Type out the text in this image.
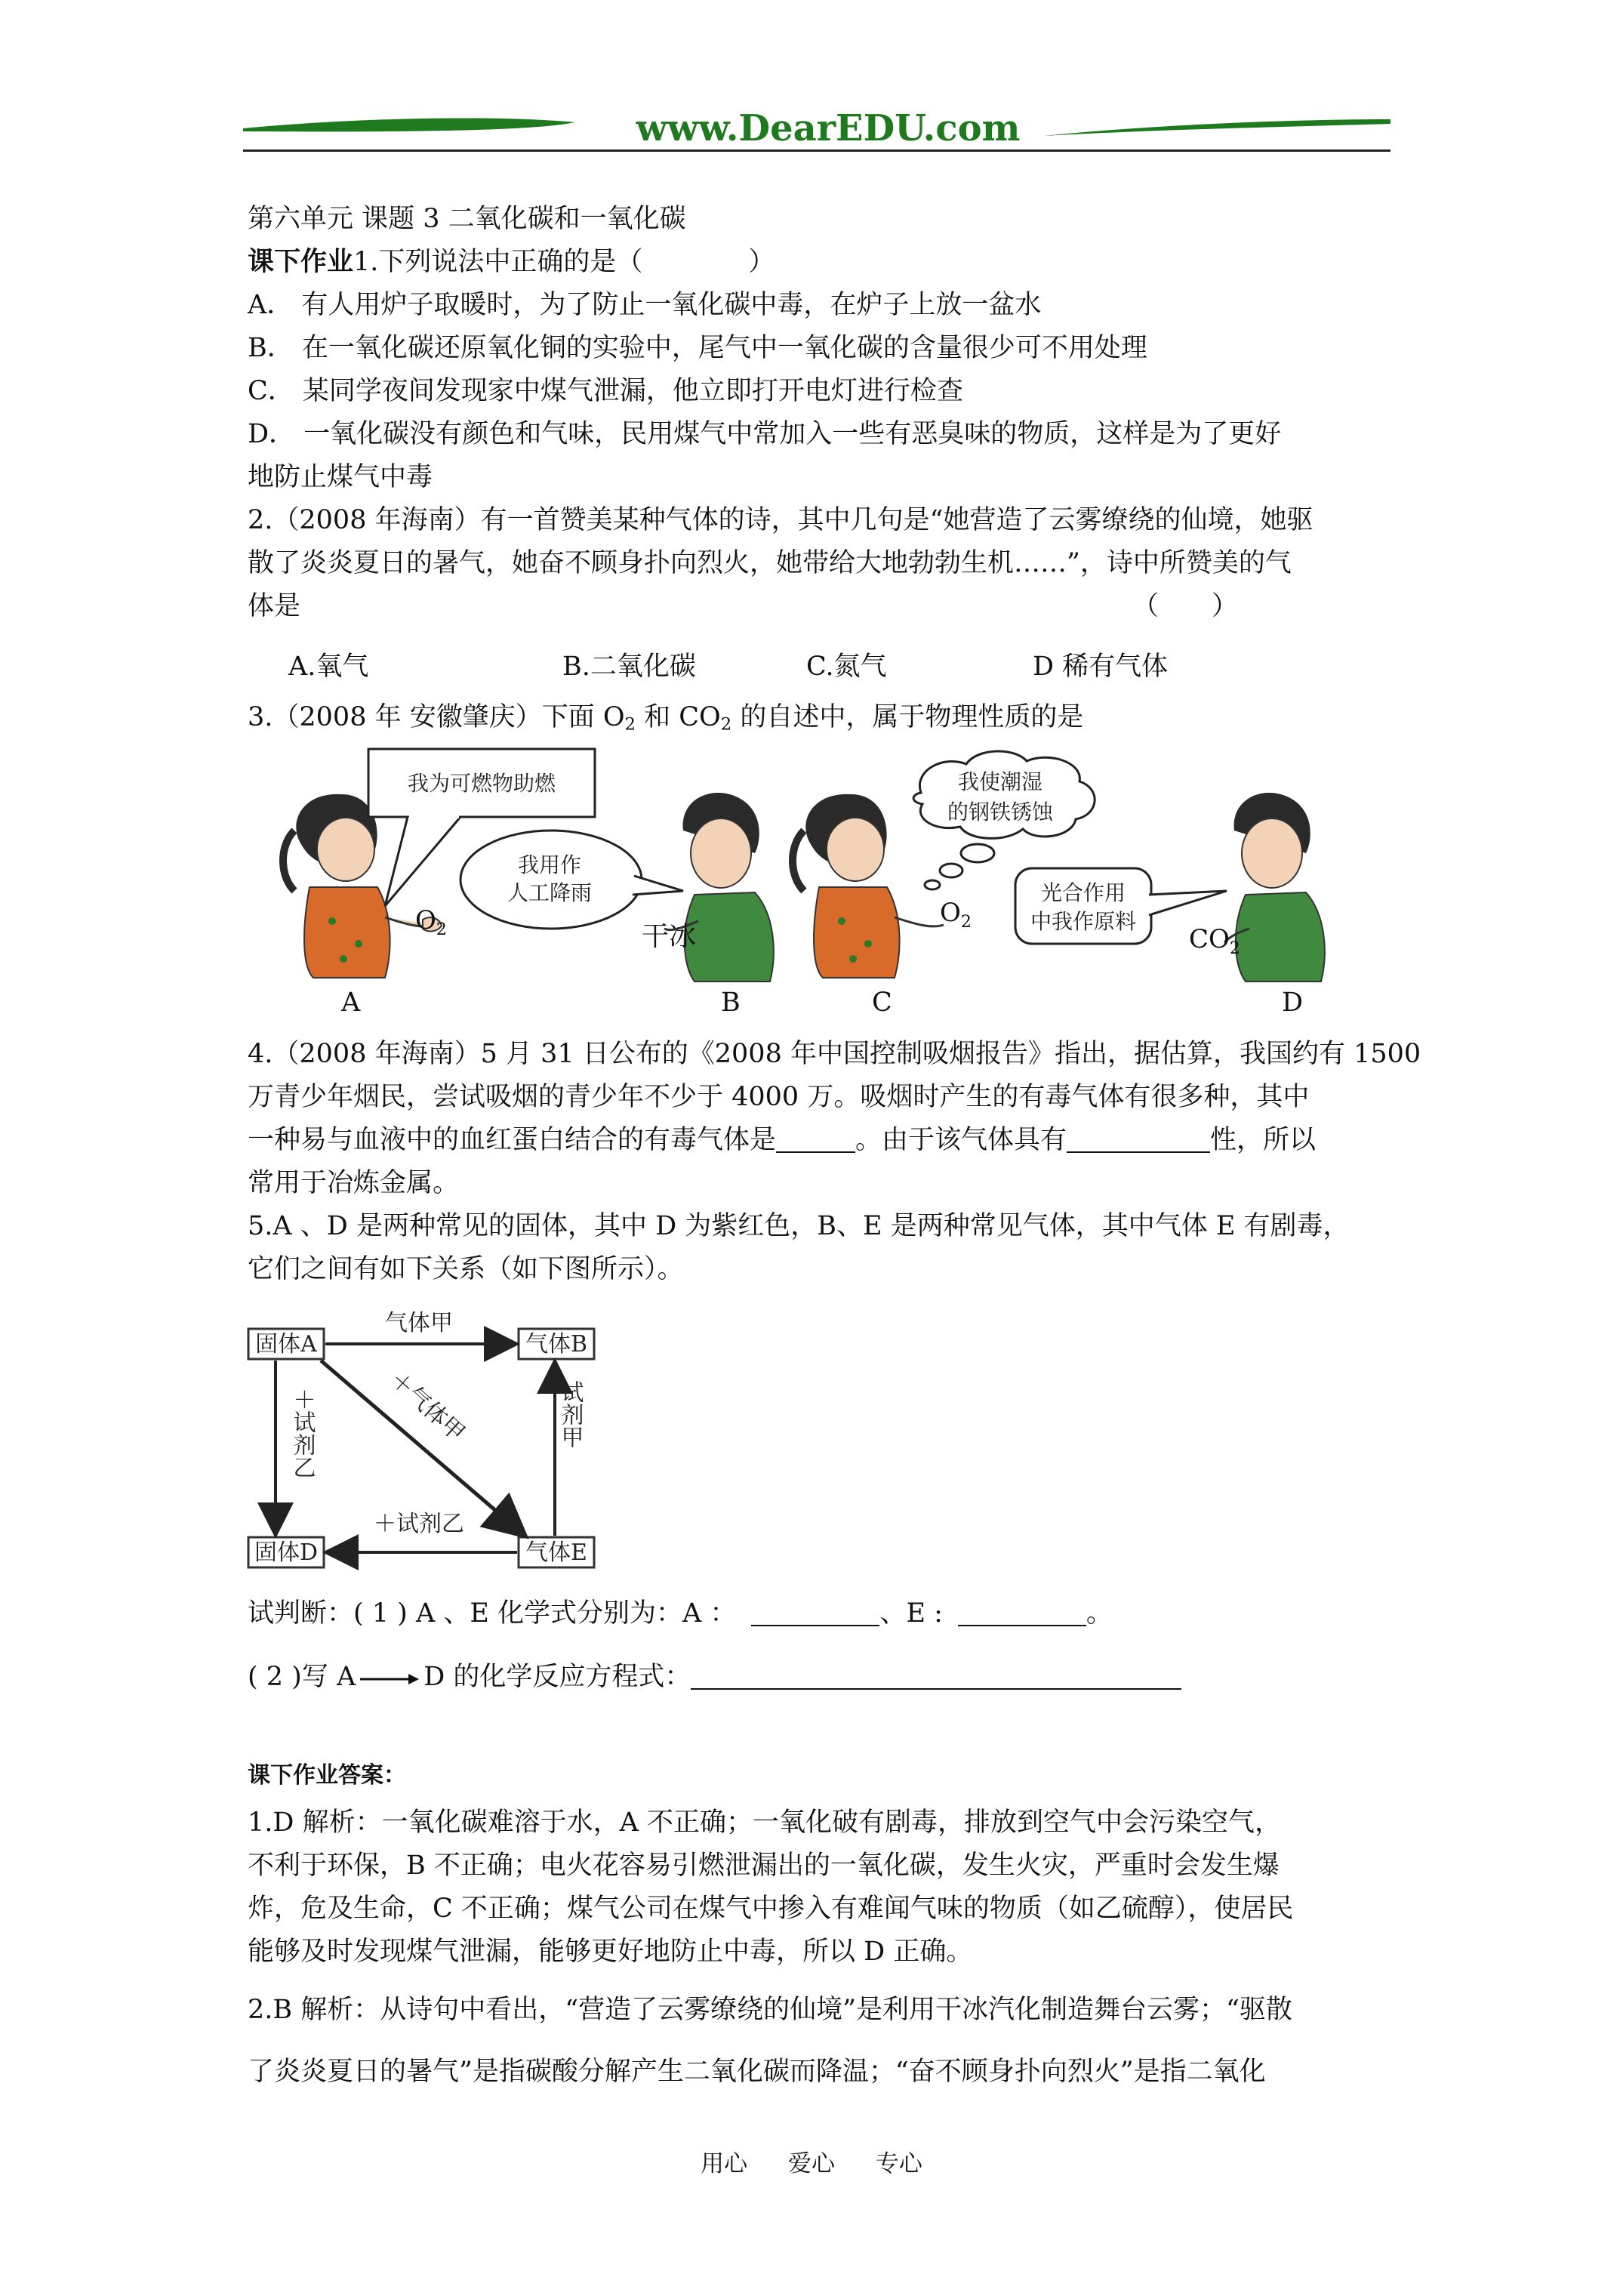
www.DearEDU.com
第六单元 课题 3 二氧化碳和一氧化碳
课下作业1.下列说法中正确的是（　　　　）
A． 有人用炉子取暖时，为了防止一氧化碳中毒，在炉子上放一盆水
B． 在一氧化碳还原氧化铜的实验中，尾气中一氧化碳的含量很少可不用处理
C． 某同学夜间发现家中煤气泄漏，他立即打开电灯进行检查
D． 一氧化碳没有颜色和气味，民用煤气中常加入一些有恶臭味的物质，这样是为了更好
地防止煤气中毒
2.（2008 年海南）有一首赞美某种气体的诗，其中几句是“她营造了云雾缭绕的仙境，她驱
散了炎炎夏日的暑气，她奋不顾身扑向烈火，她带给大地勃勃生机……”，诗中所赞美的气
体是	（　　）
A.氧气	B.二氧化碳	C.氮气	D 稀有气体
3.（2008 年 安徽肇庆）下面 $O_2$ 和 $CO_2$ 的自述中，属于物理性质的是
我为可燃物助燃
$O_2$
我用作
人工降雨
干冰
我使潮湿
的钢铁锈蚀
$O_2$
光合作用
中我作原料
$CO_2$
A	B	C	D
4.（2008 年海南）5 月 31 日公布的《2008 年中国控制吸烟报告》指出，据估算，我国约有 1500
万青少年烟民，尝试吸烟的青少年不少于 4000 万。吸烟时产生的有毒气体有很多种，其中
一种易与血液中的血红蛋白结合的有毒气体是	。由于该气体具有	性，所以
常用于冶炼金属。
5.A 、D 是两种常见的固体，其中 D 为紫红色，B、E 是两种常见气体，其中气体 E 有剧毒，
它们之间有如下关系（如下图所示）。
固体A	气体B
固体D	气体E
气体甲
＋试剂乙
＋试剂乙	试剂甲
＋气体甲
试判断：( 1 ) A 、E 化学式分别为：A ：	、E :	。
( 2 )写 A→D 的化学反应方程式：
课下作业答案：
1.D 解析：一氧化碳难溶于水，A 不正确；一氧化破有剧毒，排放到空气中会污染空气，
不利于环保，B 不正确；电火花容易引燃泄漏出的一氧化碳，发生火灾，严重时会发生爆
炸，危及生命，C 不正确；煤气公司在煤气中掺入有难闻气味的物质（如乙硫醇），使居民
能够及时发现煤气泄漏，能够更好地防止中毒，所以 D 正确。
2.B 解析：从诗句中看出，“营造了云雾缭绕的仙境”是利用干冰汽化制造舞台云雾；“驱散
了炎炎夏日的暑气”是指碳酸分解产生二氧化碳而降温；“奋不顾身扑向烈火”是指二氧化
用心 爱心 专心
